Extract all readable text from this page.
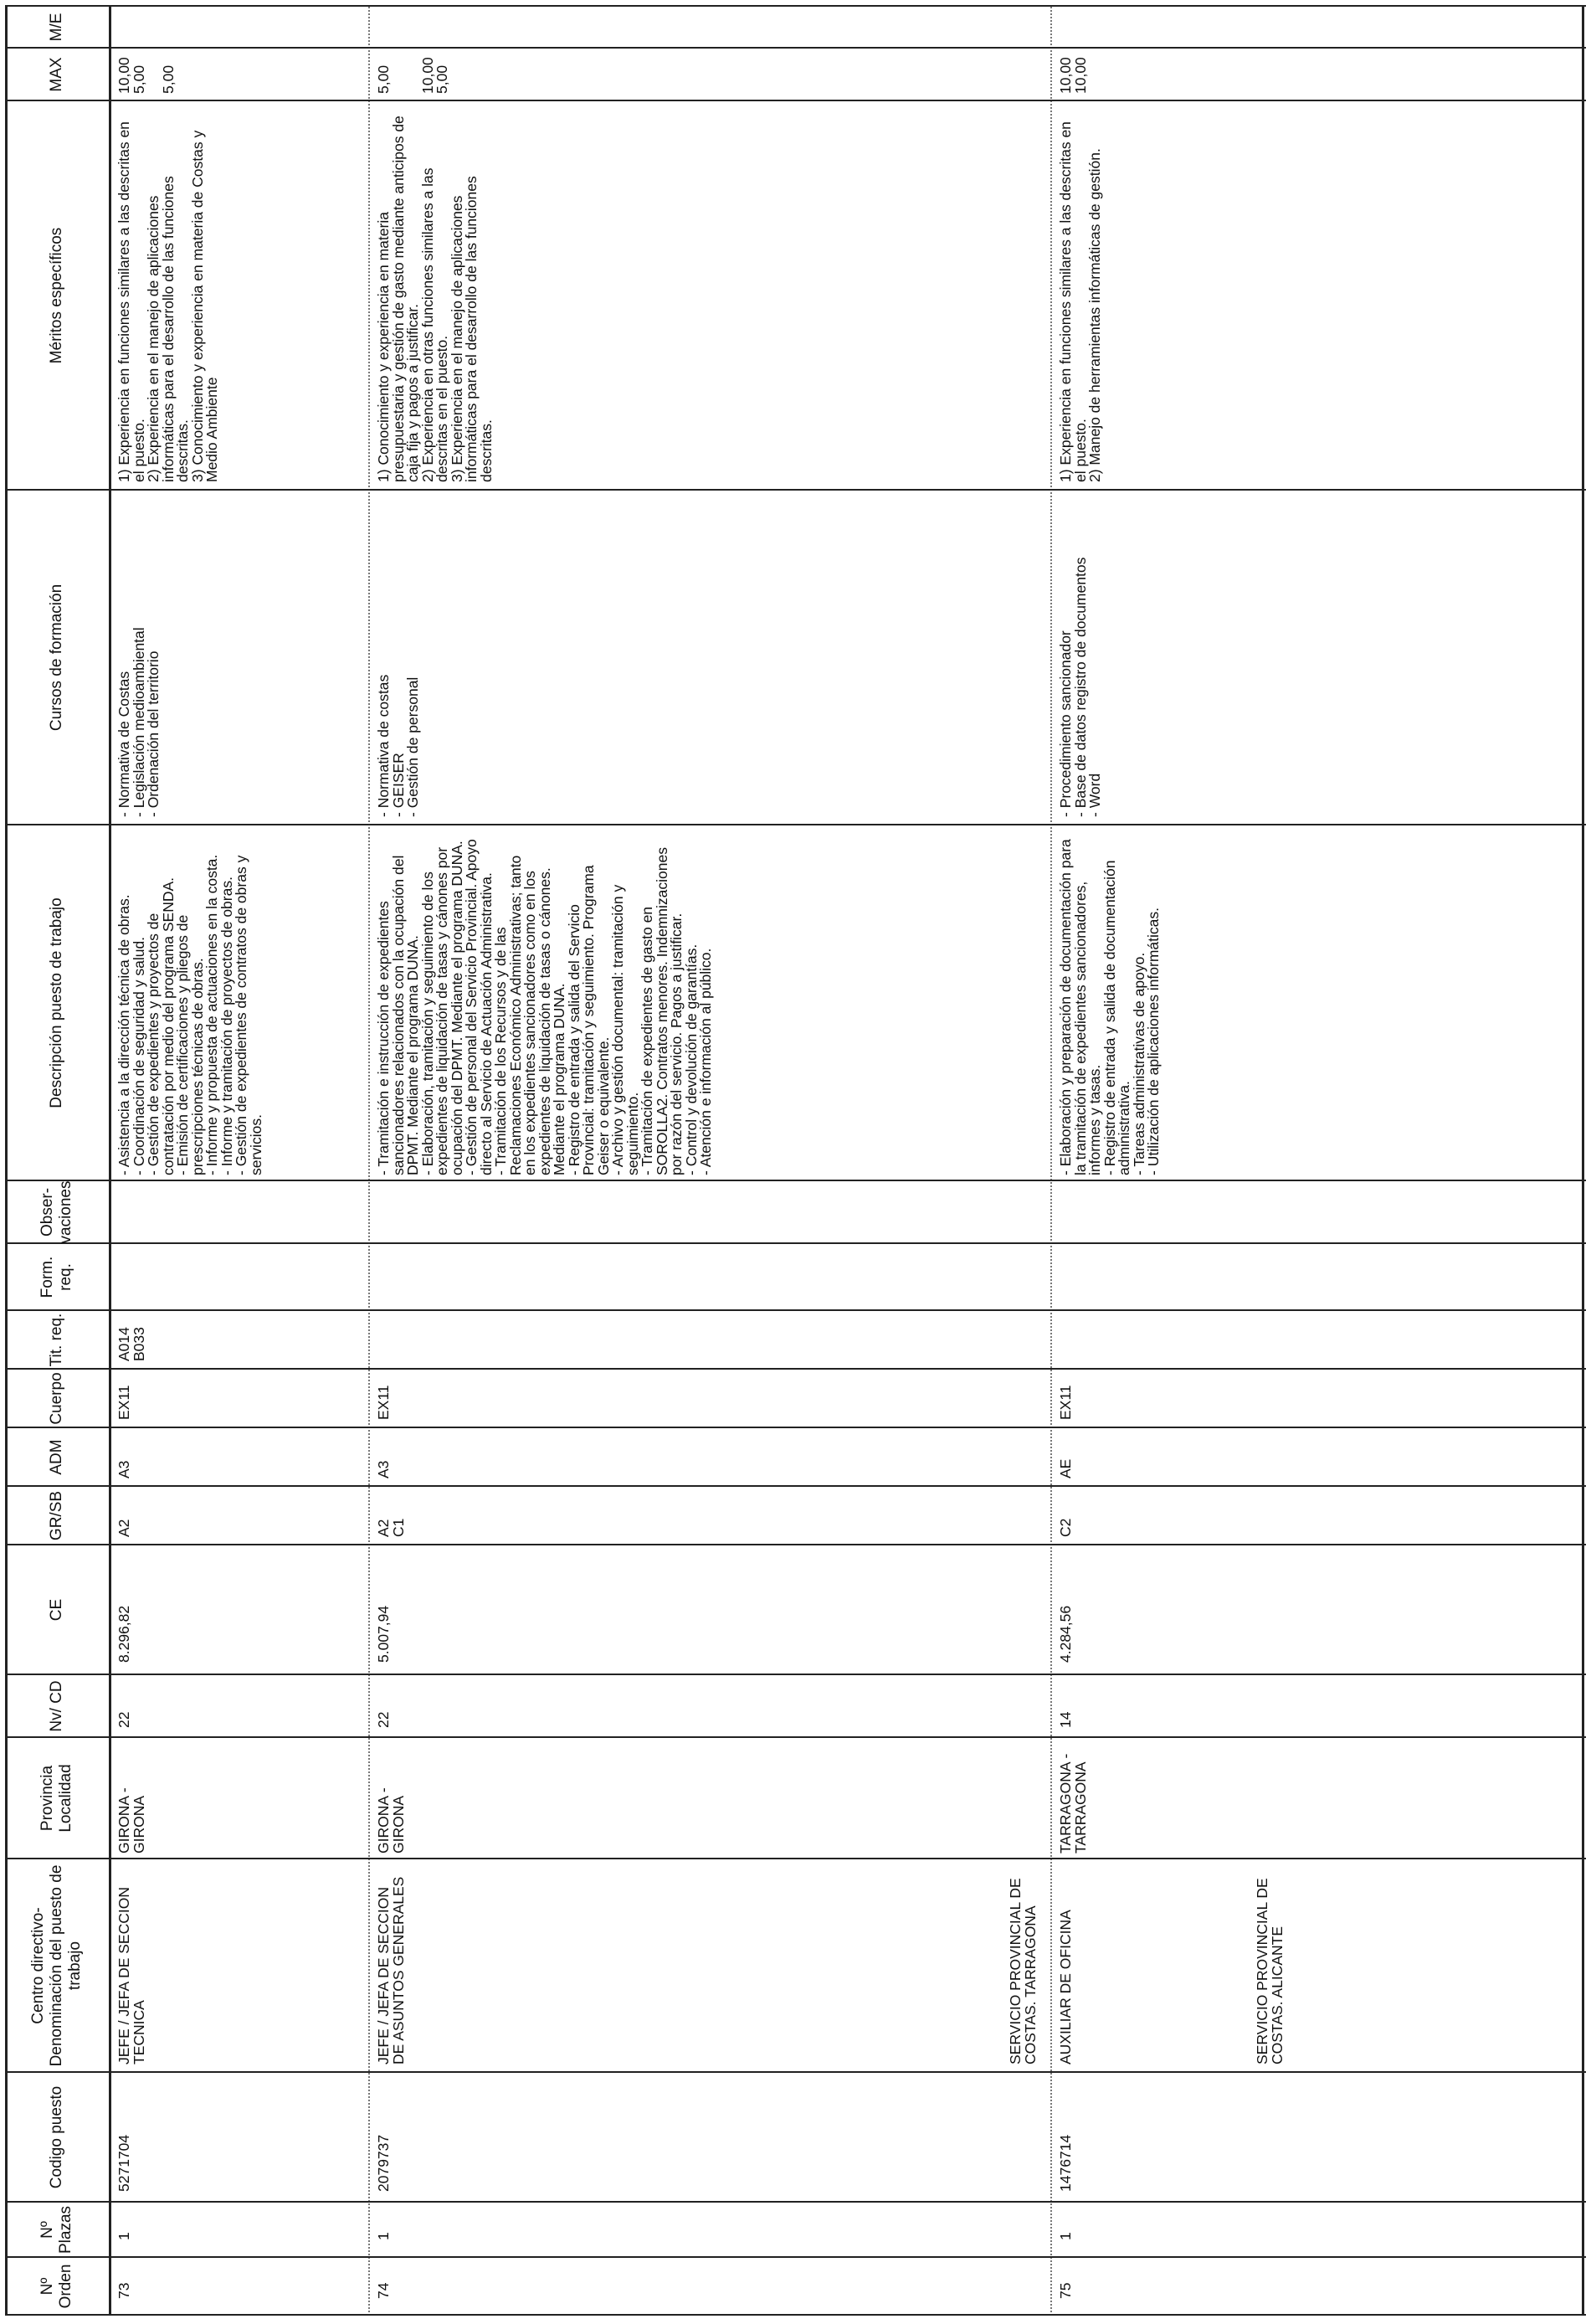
Nº Orden
Nº Plazas
Codigo puesto
Centro directivo- Denominación del puesto de trabajo
Provincia Localidad
Nv/ CD
CE
GR/SB
ADM
Cuerpo
Tit. req.
Form. req.
Obser- vaciones
Descripción puesto de trabajo
Cursos de formación
Méritos específicos
MAX
M/E
73
1
5271704
JEFE / JEFA DE SECCION TECNICA
GIRONA - GIRONA
22
8.296,82
A2
A3
EX11
A014
B033
- Asistencia a la dirección técnica de obras.
- Coordinación de seguridad y salud.
- Gestión de expedientes y proyectos de contratación por medio del programa SENDA.
- Emisión de certificaciones y pliegos de prescripciones técnicas de obras.
- Informe y propuesta de actuaciones en la costa.
- Informe y tramitación de proyectos de obras.
- Gestión de expedientes de contratos de obras y servicios.
- Normativa de Costas
- Legislación medioambiental
- Ordenación del territorio
1) Experiencia en funciones similares a las descritas en el puesto.
2) Experiencia en el manejo de aplicaciones informáticas para el desarrollo de las funciones descritas.
3) Conocimiento y experiencia en materia de Costas y Medio Ambiente
10,00
5,00

5,00
74
1
2079737
JEFE / JEFA DE SECCION DE ASUNTOS GENERALES
GIRONA - GIRONA
22
5.007,94
A2
C1
A3
EX11
- Tramitación e instrucción de expedientes sancionadores relacionados con la ocupación del DPMT. Mediante el programa DUNA.
- Elaboración, tramitación y seguimiento de los expedientes de liquidación de tasas y cánones por ocupación del DPMT. Mediante el programa DUNA.
- Gestión de personal del Servicio Provincial. Apoyo directo al Servicio de Actuación Administrativa.
- Tramitación de los Recursos y de las Reclamaciones Económico Administrativas; tanto en los expedientes sancionadores como en los expedientes de liquidación de tasas o cánones. Mediante el programa DUNA.
- Registro de entrada y salida del Servicio Provincial: tramitación y seguimiento. Programa Geiser o equivalente.
- Archivo y gestión documental: tramitación y seguimiento.
- Tramitación de expedientes de gasto en SOROLLA2. Contratos menores. Indemnizaciones por razón del servicio. Pagos a justificar.
- Control y devolución de garantías.
- Atención e información al público.
- Normativa de costas
- GEISER
- Gestión de personal
1) Conocimiento y experiencia en materia presupuestaria y gestión de gasto mediante anticipos de caja fija y pagos a justificar.
2) Experiencia en otras funciones similares a las descritas en el puesto.
3) Experiencia en el manejo de aplicaciones informáticas para el desarrollo de las funciones descritas.
5,00

10,00
5,00
SERVICIO PROVINCIAL DE COSTAS. TARRAGONA
75
1
1476714
AUXILIAR DE OFICINA
TARRAGONA - TARRAGONA
14
4.284,56
C2
AE
EX11
- Elaboración y preparación de documentación para la tramitación de expedientes sancionadores, informes y tasas.
- Registro de entrada y salida de documentación administrativa.
- Tareas administrativas de apoyo.
- Utilización de aplicaciones informáticas.
- Procedimiento sancionador
- Base de datos registro de documentos
- Word
1) Experiencia en funciones similares a las descritas en el puesto.
2) Manejo de herramientas informáticas de gestión.
10,00
10,00
SERVICIO PROVINCIAL DE COSTAS. ALICANTE
